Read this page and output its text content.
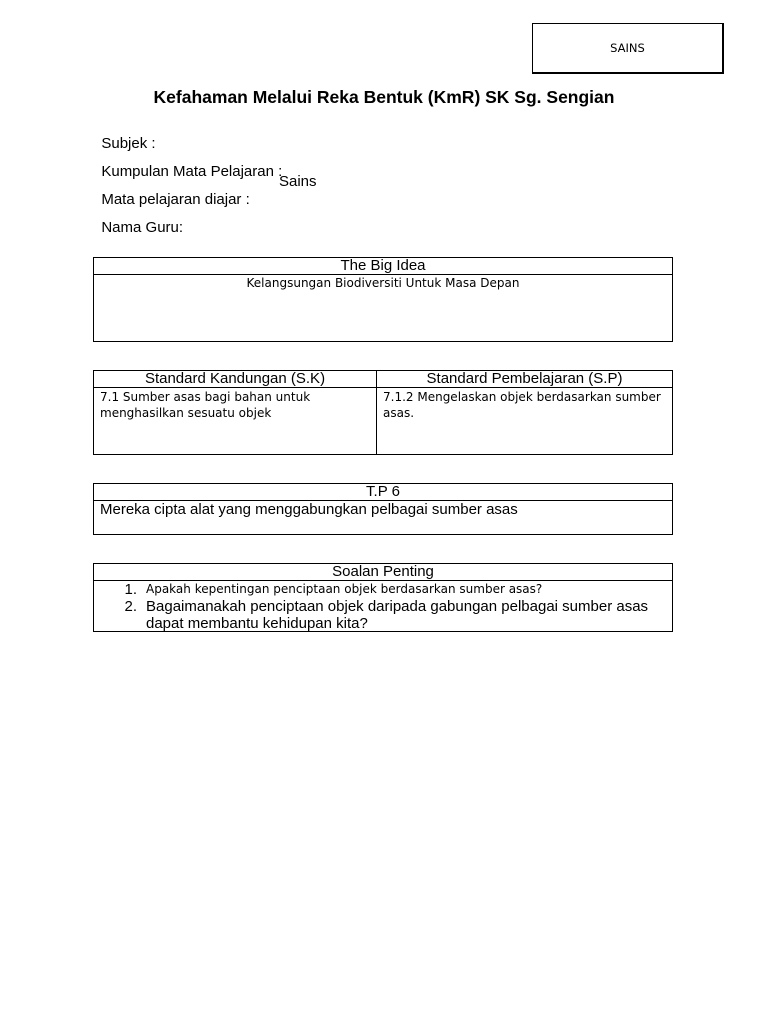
SAINS
Kefahaman Melalui Reka Bentuk (KmR) SK Sg. Sengian

Subjek :

Kumpulan Mata Pelajaran :

Mata pelajaran diajar :

Sains

Nama Guru:

The Big Idea
Kelangsungan Biodiversiti Untuk Masa Depan
Standard Kandungan (S.K)	Standard Pembelajaran (S.P)
7.1 Sumber asas bagi bahan untuk menghasilkan sesuatu objek
7.1.2 Mengelaskan objek berdasarkan sumber asas.
T.P 6
Mereka cipta alat yang menggabungkan pelbagai sumber asas
Soalan Penting
1. Apakah kepentingan penciptaan objek berdasarkan sumber asas?
2. Bagaimanakah penciptaan objek daripada gabungan pelbagai sumber asas dapat membantu kehidupan kita?
